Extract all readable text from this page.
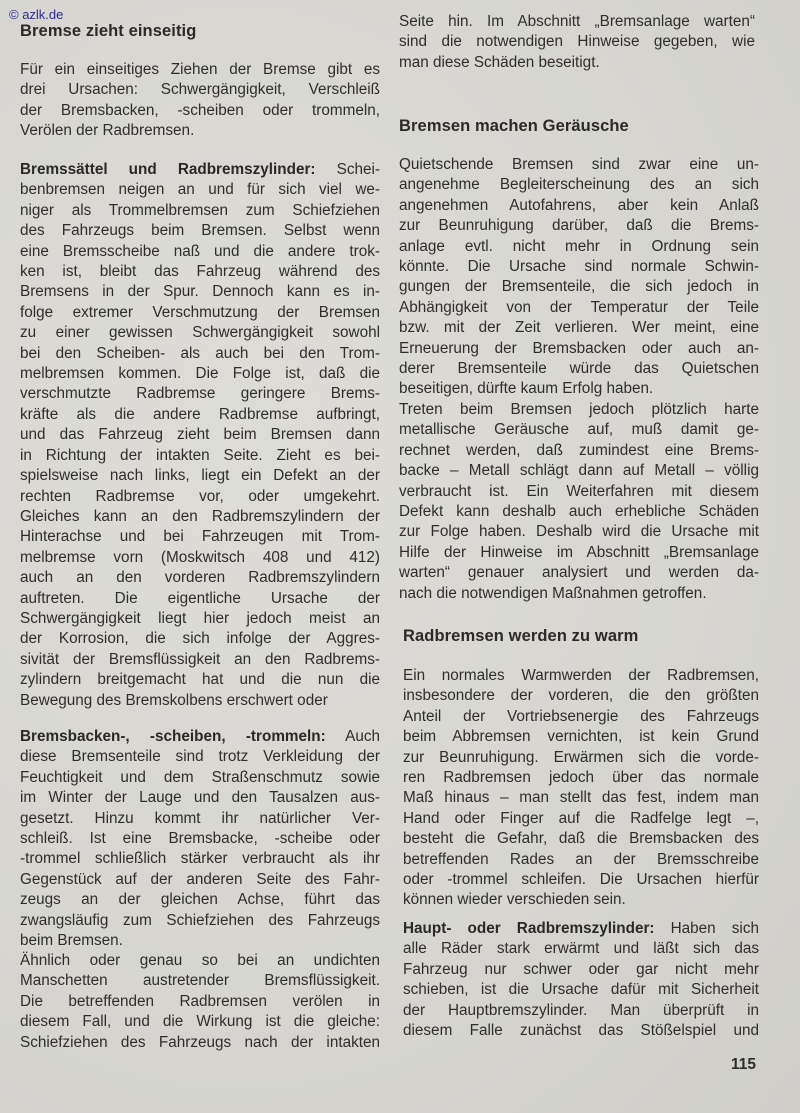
© azlk.de
Bremse zieht einseitig

Für ein einseitiges Ziehen der Bremse gibt es
drei Ursachen: Schwergängigkeit, Verschleiß
der Bremsbacken, -scheiben oder trommeln,
Verölen der Radbremsen.

Bremssättel und Radbremszylinder: Schei-
benbremsen neigen an und für sich viel we-
niger als Trommelbremsen zum Schiefziehen
des Fahrzeugs beim Bremsen. Selbst wenn
eine Bremsscheibe naß und die andere trok-
ken ist, bleibt das Fahrzeug während des
Bremsens in der Spur. Dennoch kann es in-
folge extremer Verschmutzung der Bremsen
zu einer gewissen Schwergängigkeit sowohl
bei den Scheiben- als auch bei den Trom-
melbremsen kommen. Die Folge ist, daß die
verschmutzte Radbremse geringere Brems-
kräfte als die andere Radbremse aufbringt,
und das Fahrzeug zieht beim Bremsen dann
in Richtung der intakten Seite. Zieht es bei-
spielsweise nach links, liegt ein Defekt an der
rechten Radbremse vor, oder umgekehrt.
Gleiches kann an den Radbremszylindern der
Hinterachse und bei Fahrzeugen mit Trom-
melbremse vorn (Moskwitsch 408 und 412)
auch an den vorderen Radbremszylindern
auftreten. Die eigentliche Ursache der
Schwergängigkeit liegt hier jedoch meist an
der Korrosion, die sich infolge der Aggres-
sivität der Bremsflüssigkeit an den Radbrems-
zylindern breitgemacht hat und die nun die
Bewegung des Bremskolbens erschwert oder

Bremsbacken-, -scheiben, -trommeln: Auch
diese Bremsenteile sind trotz Verkleidung der
Feuchtigkeit und dem Straßenschmutz sowie
im Winter der Lauge und den Tausalzen aus-
gesetzt. Hinzu kommt ihr natürlicher Ver-
schleiß. Ist eine Bremsbacke, -scheibe oder
-trommel schließlich stärker verbraucht als ihr
Gegenstück auf der anderen Seite des Fahr-
zeugs an der gleichen Achse, führt das
zwangsläufig zum Schiefziehen des Fahrzeugs
beim Bremsen.

Ähnlich oder genau so bei an undichten
Manschetten austretender Bremsflüssigkeit.
Die betreffenden Radbremsen verölen in
diesem Fall, und die Wirkung ist die gleiche:
Schiefziehen des Fahrzeugs nach der intakten

Seite hin. Im Abschnitt „Bremsanlage warten“
sind die notwendigen Hinweise gegeben, wie
man diese Schäden beseitigt.

Bremsen machen Geräusche

Quietschende Bremsen sind zwar eine un-
angenehme Begleiterscheinung des an sich
angenehmen Autofahrens, aber kein Anlaß
zur Beunruhigung darüber, daß die Brems-
anlage evtl. nicht mehr in Ordnung sein
könnte. Die Ursache sind normale Schwin-
gungen der Bremsenteile, die sich jedoch in
Abhängigkeit von der Temperatur der Teile
bzw. mit der Zeit verlieren. Wer meint, eine
Erneuerung der Bremsbacken oder auch an-
derer Bremsenteile würde das Quietschen
beseitigen, dürfte kaum Erfolg haben.

Treten beim Bremsen jedoch plötzlich harte
metallische Geräusche auf, muß damit ge-
rechnet werden, daß zumindest eine Brems-
backe – Metall schlägt dann auf Metall – völlig
verbraucht ist. Ein Weiterfahren mit diesem
Defekt kann deshalb auch erhebliche Schäden
zur Folge haben. Deshalb wird die Ursache mit
Hilfe der Hinweise im Abschnitt „Bremsanlage
warten“ genauer analysiert und werden da-
nach die notwendigen Maßnahmen getroffen.

Radbremsen werden zu warm

Ein normales Warmwerden der Radbremsen,
insbesondere der vorderen, die den größten
Anteil der Vortriebsenergie des Fahrzeugs
beim Abbremsen vernichten, ist kein Grund
zur Beunruhigung. Erwärmen sich die vorde-
ren Radbremsen jedoch über das normale
Maß hinaus – man stellt das fest, indem man
Hand oder Finger auf die Radfelge legt –,
besteht die Gefahr, daß die Bremsbacken des
betreffenden Rades an der Bremsschreibe
oder -trommel schleifen. Die Ursachen hierfür
können wieder verschieden sein.

Haupt- oder Radbremszylinder: Haben sich
alle Räder stark erwärmt und läßt sich das
Fahrzeug nur schwer oder gar nicht mehr
schieben, ist die Ursache dafür mit Sicherheit
der Hauptbremszylinder. Man überprüft in
diesem Falle zunächst das Stößelspiel und

115
